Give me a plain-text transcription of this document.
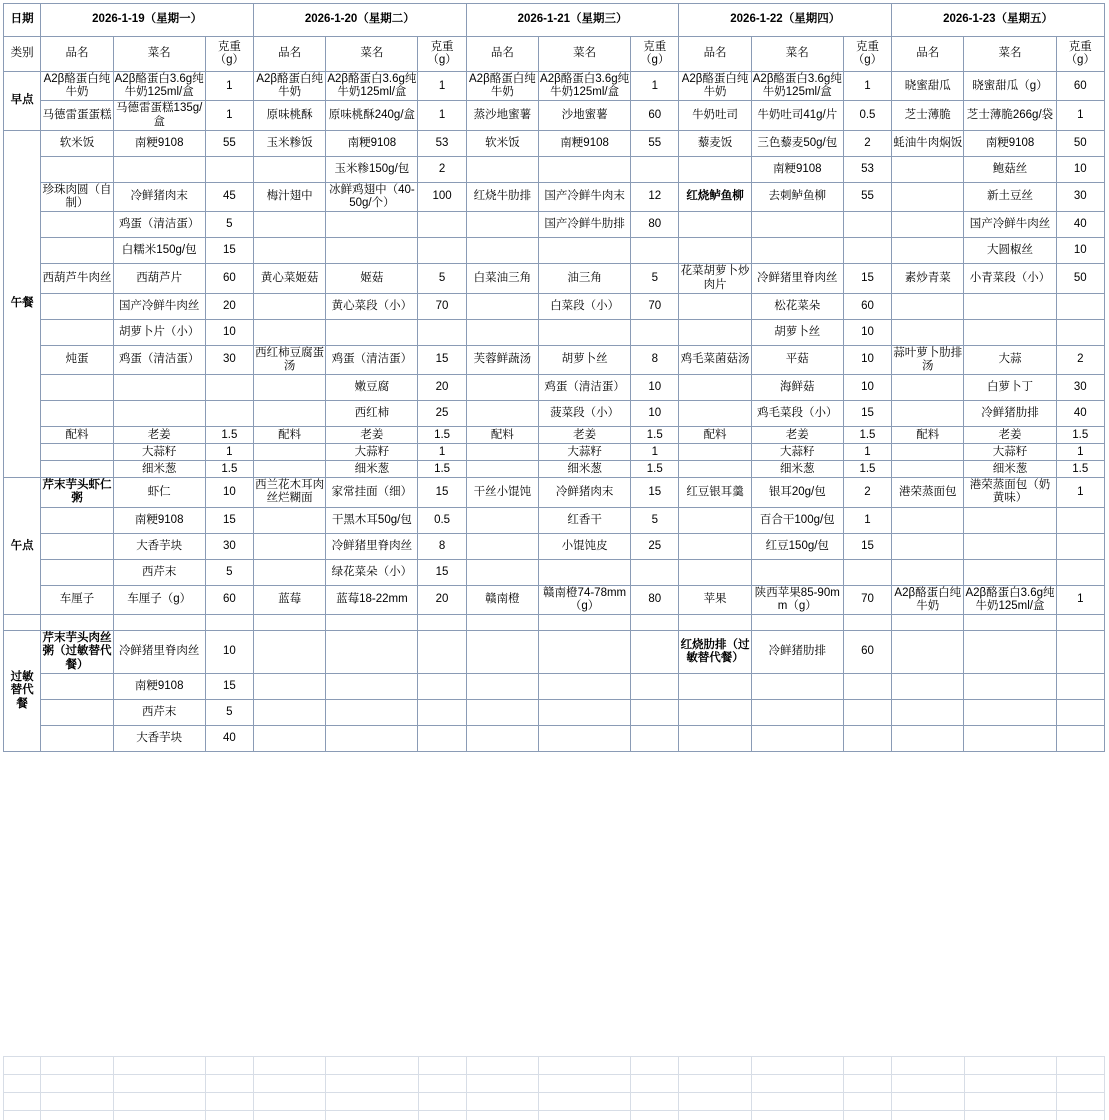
日期	2026-1-19（星期一）			2026-1-20（星期二）			2026-1-21（星期三）			2026-1-22（星期四）			2026-1-23（星期五）		
类别	品名	菜名	克重（g）	品名	菜名	克重（g）	品名	菜名	克重（g）	品名	菜名	克重（g）	品名	菜名	克重（g）
早点	A2β酪蛋白纯牛奶	A2β酪蛋白3.6g纯牛奶125ml/盒	1	A2β酪蛋白纯牛奶	A2β酪蛋白3.6g纯牛奶125ml/盒	1	A2β酪蛋白纯牛奶	A2β酪蛋白3.6g纯牛奶125ml/盒	1	A2β酪蛋白纯牛奶	A2β酪蛋白3.6g纯牛奶125ml/盒	1	晓蜜甜瓜	晓蜜甜瓜（g）	60
	马德雷蛋蛋糕	马德雷蛋糕135g/盒	1	原味桃酥	原味桃酥240g/盒	1	蒸沙地蜜薯	沙地蜜薯	60	牛奶吐司	牛奶吐司41g/片	0.5	芝士薄脆	芝士薄脆266g/袋	1
午餐	软米饭	南粳9108	55	玉米糁饭	南粳9108	53	软米饭	南粳9108	55	藜麦饭	三色藜麦50g/包	2	蚝油牛肉焖饭	南粳9108	50
					玉米糁150g/包	2					南粳9108	53		鲍菇丝	10
	珍珠肉圆（自制）	冷鲜猪肉末	45	梅汁翅中	冰鲜鸡翅中（40-50g/个）	100	红烧牛肋排	国产冷鲜牛肉末	12	红烧鲈鱼柳	去刺鲈鱼柳	55		新土豆丝	30
		鸡蛋（清洁蛋）	5					国产冷鲜牛肋排	80					国产冷鲜牛肉丝	40
		白糯米150g/包	15											大圆椒丝	10
	西葫芦牛肉丝	西葫芦片	60	黄心菜姬菇	姬菇	5	白菜油三角	油三角	5	花菜胡萝卜炒肉片	冷鲜猪里脊肉丝	15	素炒青菜	小青菜段（小）	50
		国产冷鲜牛肉丝	20		黄心菜段（小）	70		白菜段（小）	70		松花菜朵	60			
		胡萝卜片（小）	10								胡萝卜丝	10			
	炖蛋	鸡蛋（清洁蛋）	30	西红柿豆腐蛋汤	鸡蛋（清洁蛋）	15	芙蓉鲜蔬汤	胡萝卜丝	8	鸡毛菜菌菇汤	平菇	10	蒜叶萝卜肋排汤	大蒜	2
					嫩豆腐	20		鸡蛋（清洁蛋）	10		海鲜菇	10		白萝卜丁	30
					西红柿	25		菠菜段（小）	10		鸡毛菜段（小）	15		冷鲜猪肋排	40
	配料	老姜	1.5	配料	老姜	1.5	配料	老姜	1.5	配料	老姜	1.5	配料	老姜	1.5
		大蒜籽	1		大蒜籽	1		大蒜籽	1		大蒜籽	1		大蒜籽	1
		细米葱	1.5		细米葱	1.5		细米葱	1.5		细米葱	1.5		细米葱	1.5
午点	芹末芋头虾仁粥	虾仁	10	西兰花木耳肉丝烂糊面	家常挂面（细）	15	干丝小馄饨	冷鲜猪肉末	15	红豆银耳羹	银耳20g/包	2	港荣蒸面包	港荣蒸面包（奶黄味）	1
		南粳9108	15		干黑木耳50g/包	0.5		红香干	5		百合干100g/包	1			
		大香芋块	30		冷鲜猪里脊肉丝	8		小馄饨皮	25		红豆150g/包	15			
		西芹末	5		绿花菜朵（小）	15									
	车厘子	车厘子（g）	60	蓝莓	蓝莓18-22mm	20	赣南橙	赣南橙74-78mm（g）	80	苹果	陕西苹果85-90mm（g）	70	A2β酪蛋白纯牛奶	A2β酪蛋白3.6g纯牛奶125ml/盒	1

过敏替代餐	芹末芋头肉丝粥（过敏替代餐）	冷鲜猪里脊肉丝	10							红烧肋排（过敏替代餐）	冷鲜猪肋排	60			
		南粳9108	15												
		西芹末	5												
		大香芋块	40												
